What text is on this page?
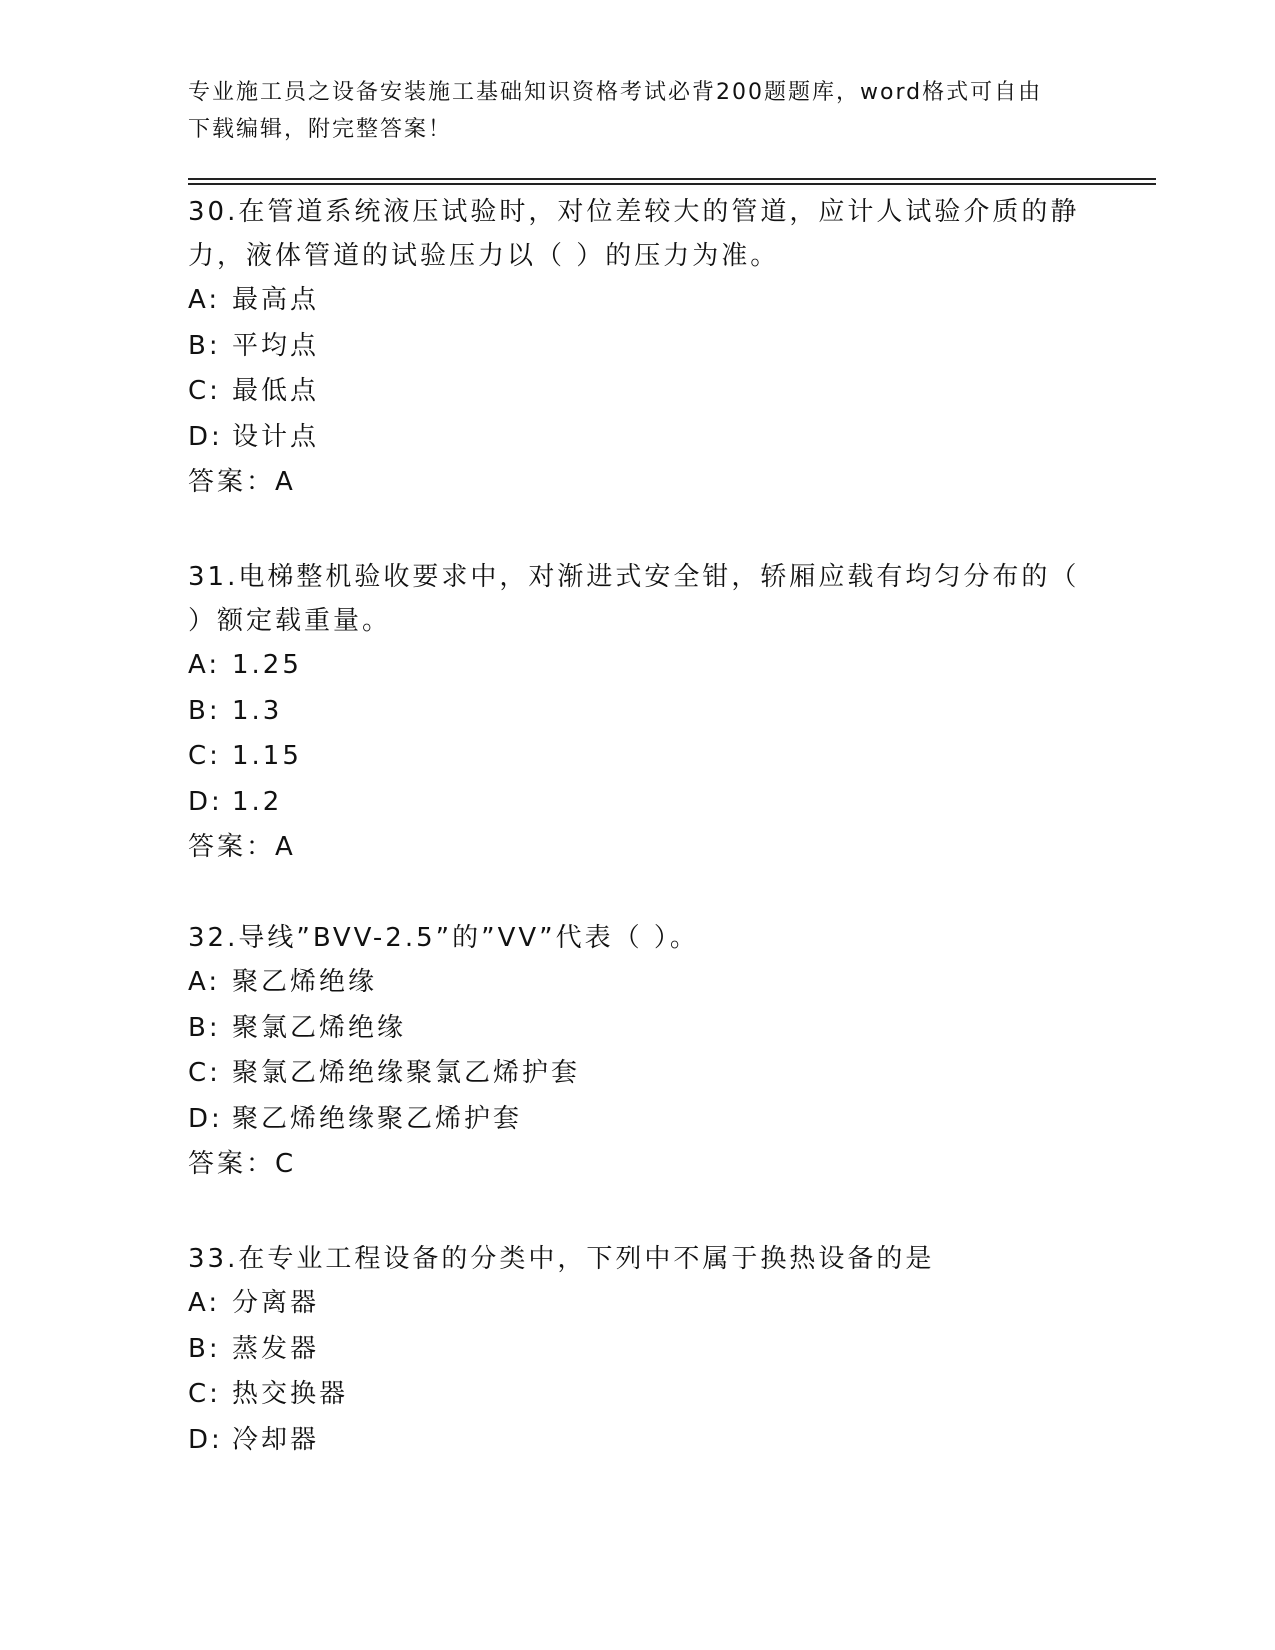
专业施工员之设备安装施工基础知识资格考试必背200题题库，word格式可自由
下载编辑，附完整答案！

30.在管道系统液压试验时，对位差较大的管道，应计人试验介质的静

力，液体管道的试验压力以（ ）的压力为准。

A: 最高点

B: 平均点

C: 最低点

D: 设计点

答案：A

31.电梯整机验收要求中，对渐进式安全钳，轿厢应载有均匀分布的（

）额定载重量。

A: 1.25

B: 1.3

C: 1.15

D: 1.2

答案：A

32.导线”BVV-2.5”的”VV”代表（ ）。

A: 聚乙烯绝缘

B: 聚氯乙烯绝缘

C: 聚氯乙烯绝缘聚氯乙烯护套

D: 聚乙烯绝缘聚乙烯护套

答案：C

33.在专业工程设备的分类中，下列中不属于换热设备的是

A: 分离器

B: 蒸发器

C: 热交换器

D: 冷却器
